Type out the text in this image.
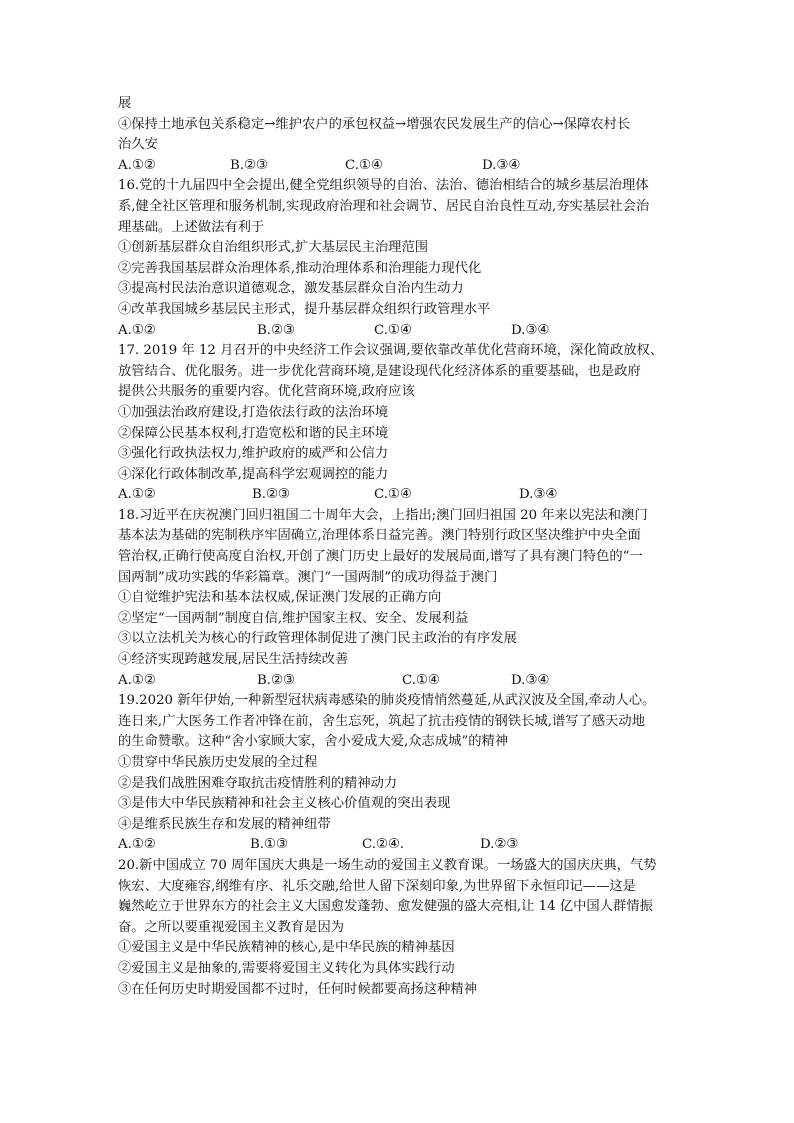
展
④保持土地承包关系稳定→维护农户的承包权益→增强农民发展生产的信心→保障农村长
治久安
A.①②	B.②③	C.①④	D.③④
16.党的十九届四中全会提出,健全党组织领导的自治、法治、德治相结合的城乡基层治理体
系,健全社区管理和服务机制,实现政府治理和社会调节、居民自治良性互动,夯实基层社会治
理基础。上述做法有利于
①创新基层群众自治组织形式,扩大基层民主治理范围
②完善我国基层群众治理体系,推动治理体系和治理能力现代化
③提高村民法治意识道德观念，激发基层群众自治内生动力
④改革我国城乡基层民主形式，提升基层群众组织行政管理水平
A.①②	B.②③	C.①④	D.③④
17. 2019 年 12 月召开的中央经济工作会议强调,要依靠改革优化营商环境，深化简政放权、
放管结合、优化服务。进一步优化营商环境,是建设现代化经济体系的重要基础，也是政府
提供公共服务的重要内容。优化营商环境,政府应该
①加强法治政府建设,打造依法行政的法治环境
②保障公民基本权利,打造宽松和谐的民主环境
③强化行政执法权力,维护政府的威严和公信力
④深化行政体制改革,提高科学宏观调控的能力
A.①②	B.②③	C.①④	D.③④
18.习近平在庆祝澳门回归祖国二十周年大会，上指出;澳门回归祖国 20 年来以宪法和澳门
基本法为基础的宪制秩序牢固确立,治理体系日益完善。澳门特别行政区坚决维护中央全面
管治权,正确行使高度自治权,开创了澳门历史上最好的发展局面,谱写了具有澳门特色的“一
国两制”成功实践的华彩篇章。澳门“一国两制”的成功得益于澳门
①自觉维护宪法和基本法权威,保证澳门发展的正确方向
②坚定“一国两制”制度自信,维护国家主权、安全、发展利益
③以立法机关为核心的行政管理体制促进了澳门民主政治的有序发展
④经济实现跨越发展,居民生活持续改善
A.①②	B.②③	C.①④	D.③④
19.2020 新年伊始,一种新型冠状病毒感染的肺炎疫情悄然蔓延,从武汉波及全国,牵动人心。
连日来,广大医务工作者冲锋在前，舍生忘死，筑起了抗击疫情的钢铁长城,谱写了感天动地
的生命赞歌。这种“舍小家顾大家，舍小爱成大爱,众志成城”的精神
①贯穿中华民族历史发展的全过程
②是我们战胜困难夺取抗击疫情胜利的精神动力
③是伟大中华民族精神和社会主义核心价值观的突出表现
④是维系民族生存和发展的精神纽带
A.①②	B.①③	C.②④.	D.②③
20.新中国成立 70 周年国庆大典是一场生动的爱国主义教育课。一场盛大的国庆庆典，气势
恢宏、大度雍容,纲维有序、礼乐交融,给世人留下深刻印象,为世界留下永恒印记——这是
巍然屹立于世界东方的社会主义大国愈发蓬勃、愈发健强的盛大亮相,让 14 亿中国人群情振
奋。之所以要重视爱国主义教育是因为
①爱国主义是中华民族精神的核心,是中华民族的精神基因
②爱国主义是抽象的,需要将爱国主义转化为具体实践行动
③在任何历史时期爱国都不过时，任何时候都要高扬这种精神
